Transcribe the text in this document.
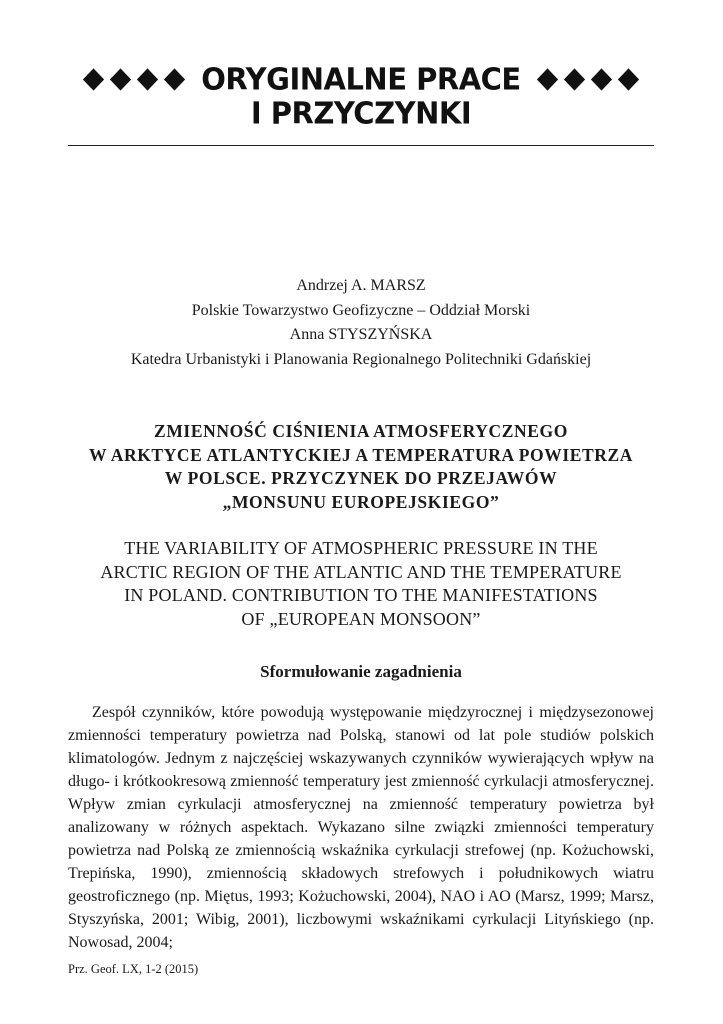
ORYGINALNE PRACE
I PRZYCZYNKI
Andrzej A. MARSZ
Polskie Towarzystwo Geofizyczne – Oddział Morski
Anna STYSZYŃSKA
Katedra Urbanistyki i Planowania Regionalnego Politechniki Gdańskiej
ZMIENNOŚĆ CIŚNIENIA ATMOSFERYCZNEGO
W ARKTYCE ATLANTYCKIEJ A TEMPERATURA POWIETRZA
W POLSCE. PRZYCZYNEK DO PRZEJAWÓW
„MONSUNU EUROPEJSKIEGO”
THE VARIABILITY OF ATMOSPHERIC PRESSURE IN THE
ARCTIC REGION OF THE ATLANTIC AND THE TEMPERATURE
IN POLAND. CONTRIBUTION TO THE MANIFESTATIONS
OF „EUROPEAN MONSOON”
Sformułowanie zagadnienia
Zespół czynników, które powodują występowanie międzyrocznej i międzysezonowej zmienności temperatury powietrza nad Polską, stanowi od lat pole studiów polskich klimatologów. Jednym z najczęściej wskazywanych czynników wywierających wpływ na długo- i krótkookresową zmienność temperatury jest zmienność cyrkulacji atmosferycznej. Wpływ zmian cyrkulacji atmosferycznej na zmienność temperatury powietrza był analizowany w różnych aspektach. Wykazano silne związki zmienności temperatury powietrza nad Polską ze zmiennością wskaźnika cyrkulacji strefowej (np. Kożuchowski, Trepińska, 1990), zmiennością składowych strefowych i południkowych wiatru geostroficznego (np. Miętus, 1993; Kożuchowski, 2004), NAO i AO (Marsz, 1999; Marsz, Styszyńska, 2001; Wibig, 2001), liczbowymi wskaźnikami cyrkulacji Lityńskiego (np. Nowosad, 2004;
Prz. Geof. LX, 1-2 (2015)
